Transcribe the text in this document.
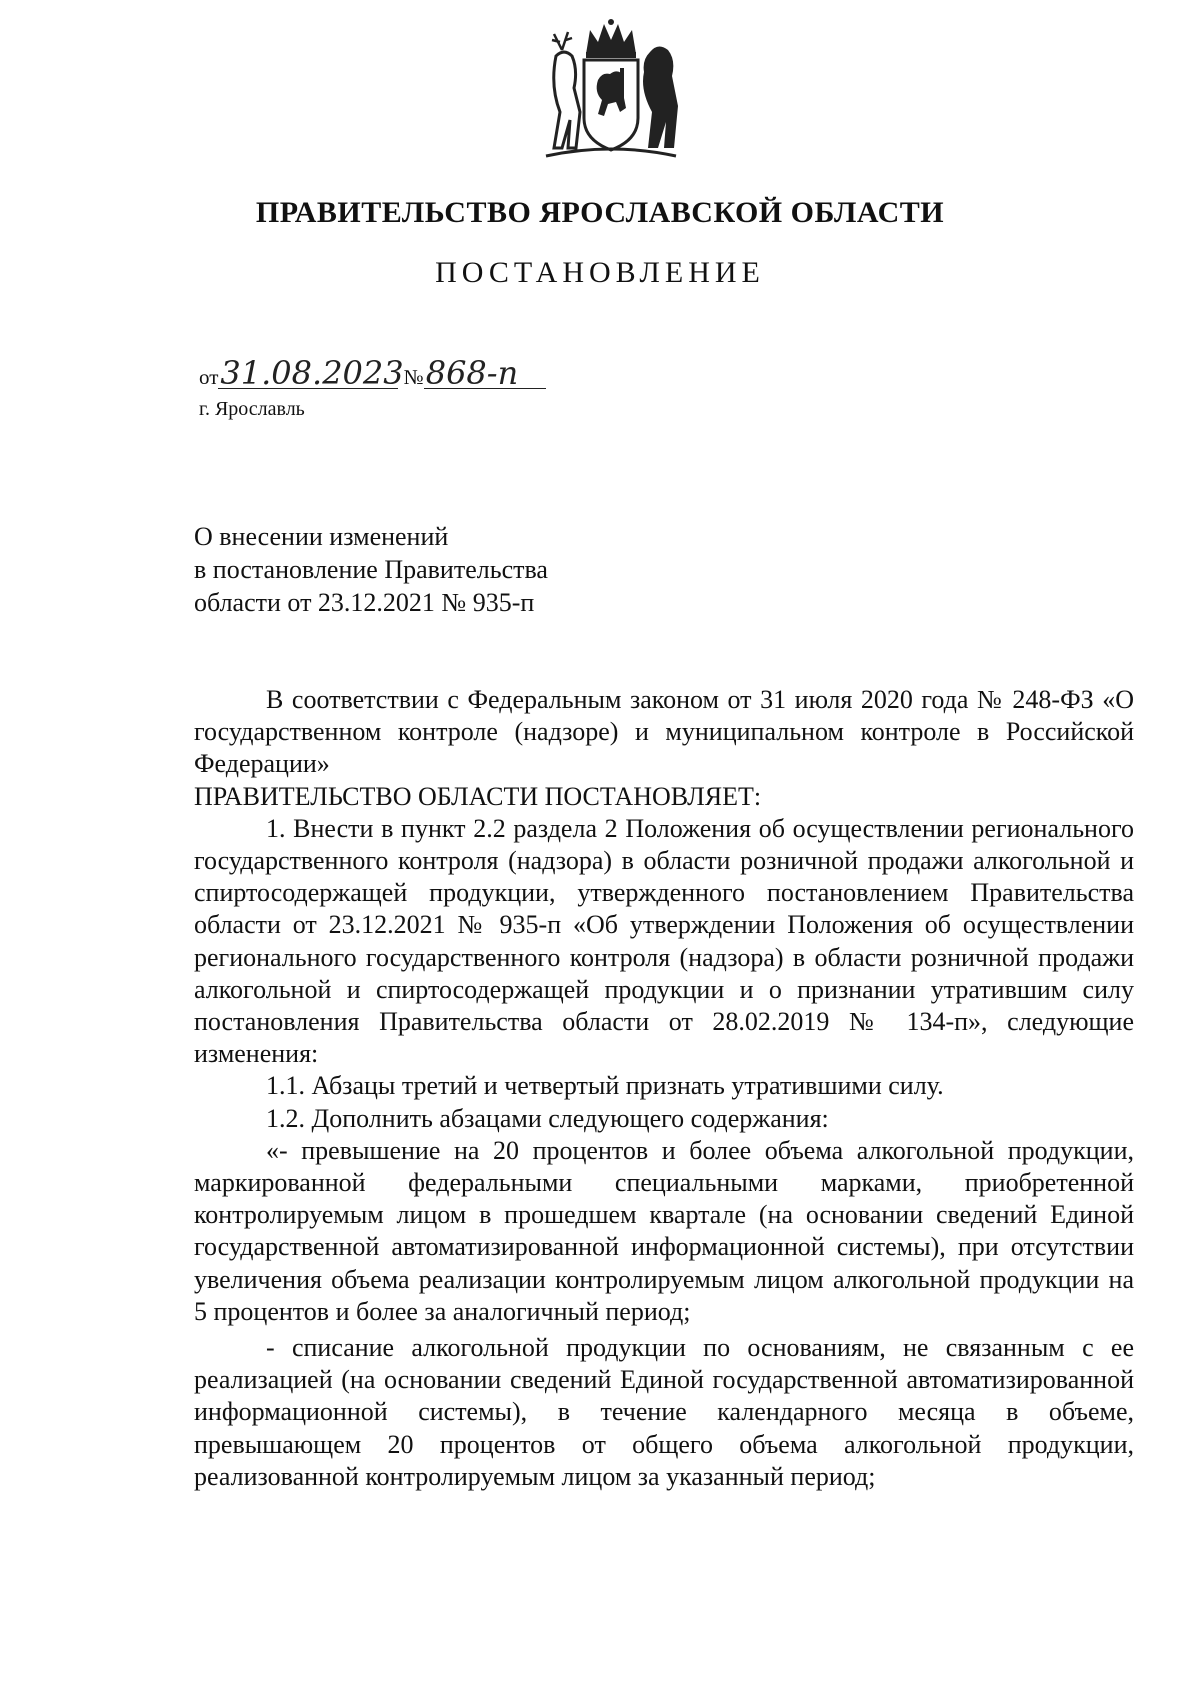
ПРАВИТЕЛЬСТВО ЯРОСЛАВСКОЙ ОБЛАСТИ
ПОСТАНОВЛЕНИЕ
от31.08.2023 №868-п
г. Ярославль
О внесении изменений
в постановление Правительства
области от 23.12.2021 № 935-п

В соответствии с Федеральным законом от 31 июля 2020 года № 248-ФЗ «О государственном контроле (надзоре) и муниципальном контроле в Российской Федерации»

ПРАВИТЕЛЬСТВО ОБЛАСТИ ПОСТАНОВЛЯЕТ:

1. Внести в пункт 2.2 раздела 2 Положения об осуществлении регионального государственного контроля (надзора) в области розничной продажи алкогольной и спиртосодержащей продукции, утвержденного постановлением Правительства области от 23.12.2021 № 935-п «Об утверждении Положения об осуществлении регионального государственного контроля (надзора) в области розничной продажи алкогольной и спиртосодержащей продукции и о признании утратившим силу постановления Правительства области от 28.02.2019 № 134-п», следующие изменения:

1.1. Абзацы третий и четвертый признать утратившими силу.

1.2. Дополнить абзацами следующего содержания:

«- превышение на 20 процентов и более объема алкогольной продукции, маркированной федеральными специальными марками, приобретенной контролируемым лицом в прошедшем квартале (на основании сведений Единой государственной автоматизированной информационной системы), при отсутствии увеличения объема реализации контролируемым лицом алкогольной продукции на 5 процентов и более за аналогичный период;

- списание алкогольной продукции по основаниям, не связанным с ее реализацией (на основании сведений Единой государственной автоматизированной информационной системы), в течение календарного месяца в объеме, превышающем 20 процентов от общего объема алкогольной продукции, реализованной контролируемым лицом за указанный период;
